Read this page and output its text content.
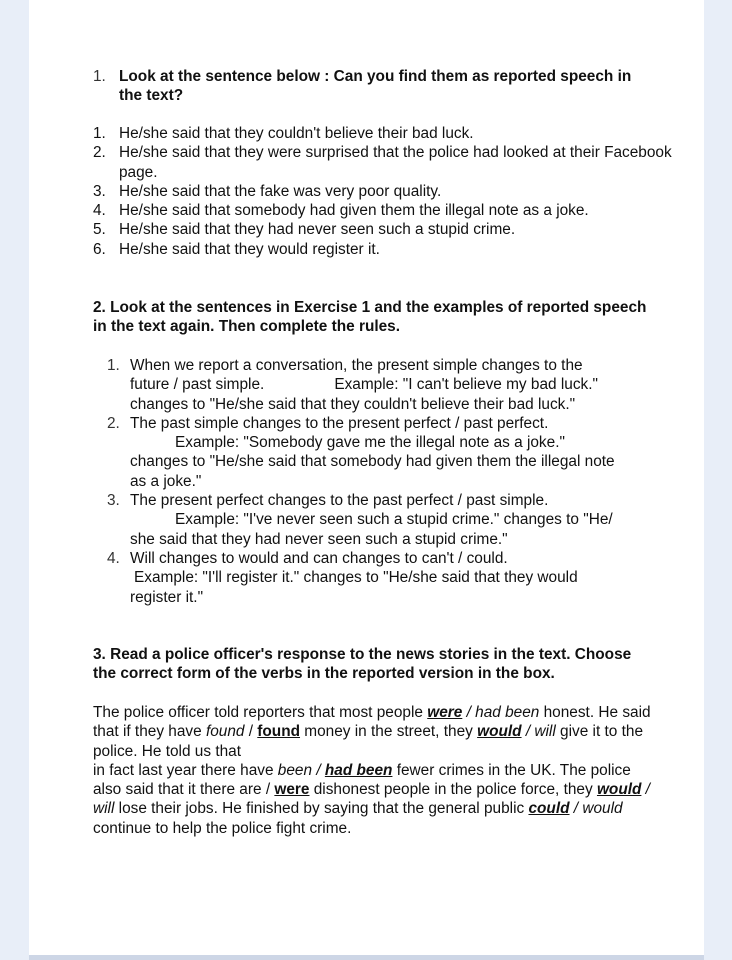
1. Look at the sentence below : Can you find them as reported speech in the text?
1. He/she said that they couldn't believe their bad luck.
2. He/she said that they were surprised that the police had looked at their Facebook page.
3. He/she said that the fake was very poor quality.
4. He/she said that somebody had given them the illegal note as a joke.
5. He/she said that they had never seen such a stupid crime.
6. He/she said that they would register it.
2. Look at the sentences in Exercise 1 and the examples of reported speech in the text again. Then complete the rules.
1. When we report a conversation, the present simple changes to the
future / past simple.	Example: "I can't believe my bad luck."
changes to "He/she said that they couldn't believe their bad luck."
2. The past simple changes to the present perfect / past perfect.
Example: "Somebody gave me the illegal note as a joke."
changes to "He/she said that somebody had given them the illegal note
as a joke."
3. The present perfect changes to the past perfect / past simple.
Example: "I've never seen such a stupid crime." changes to "He/
she said that they had never seen such a stupid crime."
4. Will changes to would and can changes to can't / could.
Example: "I'll register it." changes to "He/she said that they would
register it."
3. Read a police officer's response to the news stories in the text. Choose the correct form of the verbs in the reported version in the box.
The police officer told reporters that most people were / had been honest. He said that if they have found / found money in the street, they would / will give it to the police. He told us that
in fact last year there have been / had been fewer crimes in the UK. The police also said that it there are / were dishonest people in the police force, they would / will lose their jobs. He finished by saying that the general public could / would continue to help the police fight crime.
